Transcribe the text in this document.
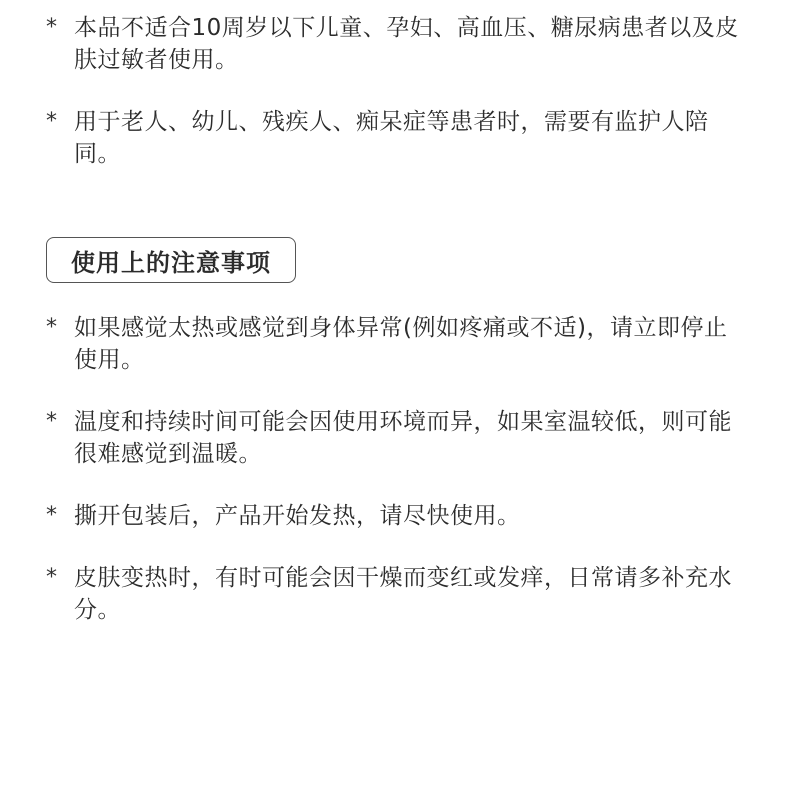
* 本品不适合10周岁以下儿童、孕妇、高血压、糖尿病患者以及皮肤过敏者使用。
* 用于老人、幼儿、残疾人、痴呆症等患者时，需要有监护人陪同。
使用上的注意事项
* 如果感觉太热或感觉到身体异常(例如疼痛或不适)，请立即停止使用。
* 温度和持续时间可能会因使用环境而异，如果室温较低，则可能很难感觉到温暖。
* 撕开包装后，产品开始发热，请尽快使用。
* 皮肤变热时，有时可能会因干燥而变红或发痒，日常请多补充水分。
